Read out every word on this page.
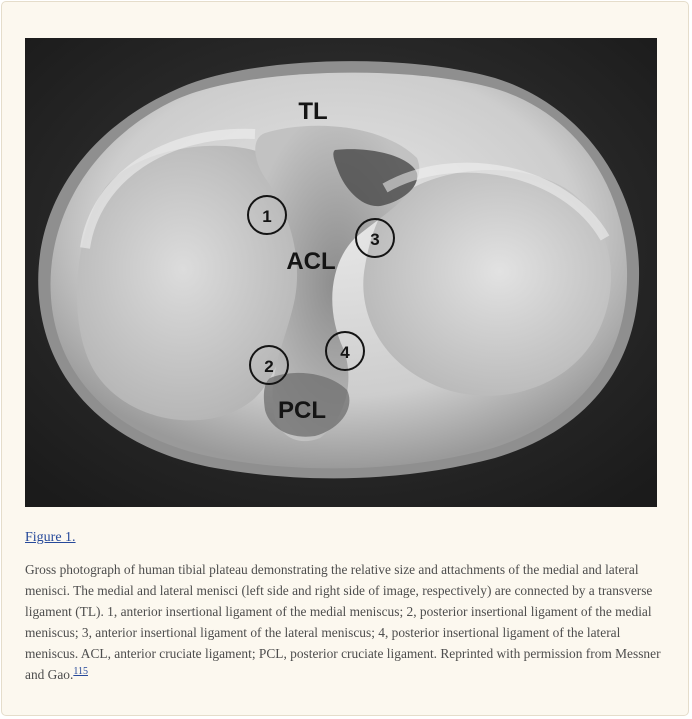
TL
1
3
2
4
ACL
PCL
Figure 1.

Gross photograph of human tibial plateau demonstrating the relative size and attachments of the medial and lateral menisci. The medial and lateral menisci (left side and right side of image, respectively) are connected by a transverse ligament (TL). 1, anterior insertional ligament of the medial meniscus; 2, posterior insertional ligament of the medial meniscus; 3, anterior insertional ligament of the lateral meniscus; 4, posterior insertional ligament of the lateral meniscus. ACL, anterior cruciate ligament; PCL, posterior cruciate ligament. Reprinted with permission from Messner and Gao.$^{115}$
